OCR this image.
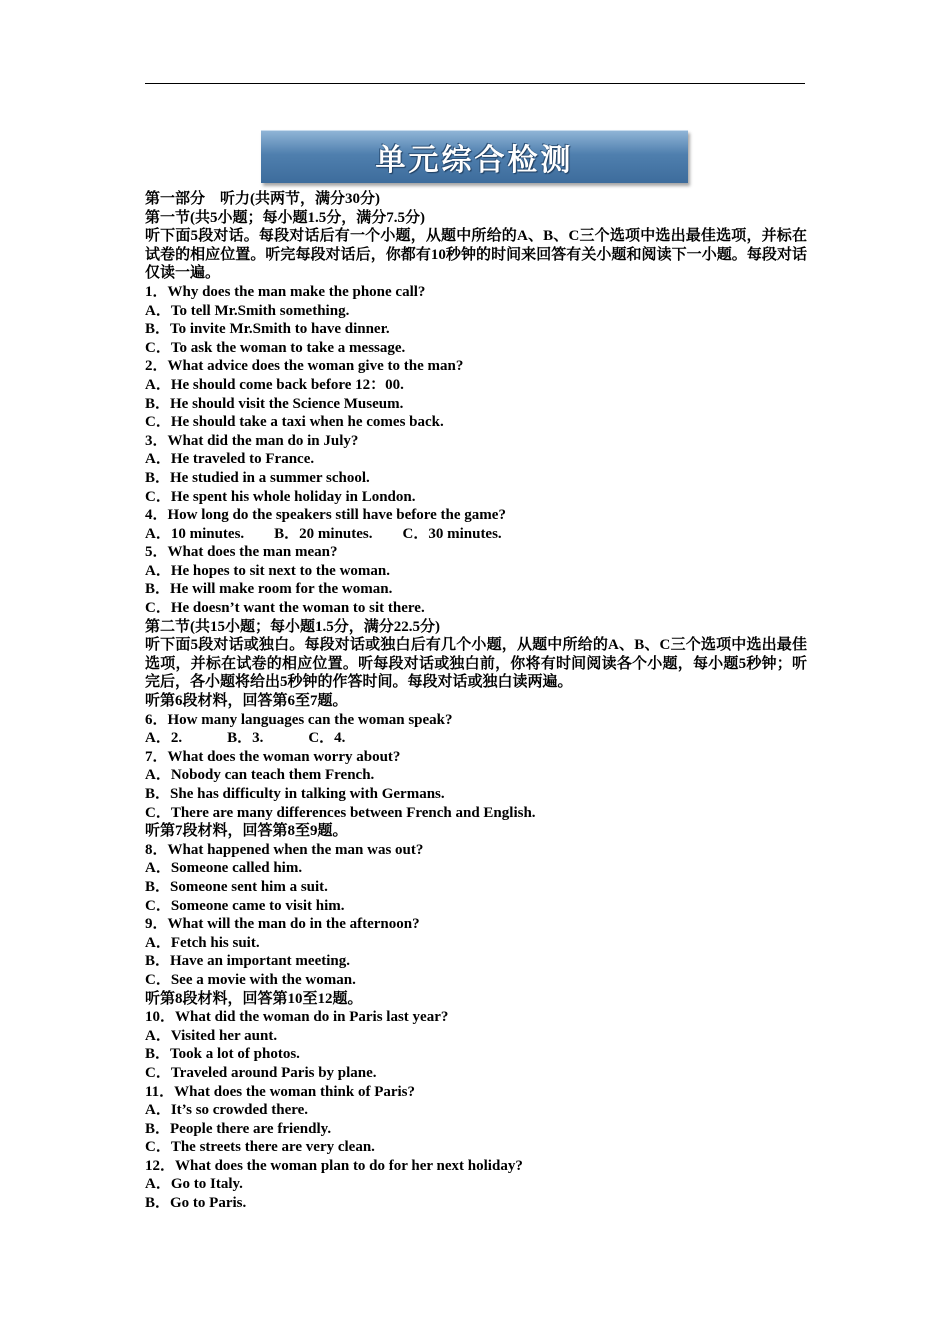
单元综合检测
第一部分　听力(共两节，满分30分)
第一节(共5小题；每小题1.5分，满分7.5分)
听下面5段对话。每段对话后有一个小题，从题中所给的A、B、C三个选项中选出最佳选项，并标在试卷的相应位置。听完每段对话后，你都有10秒钟的时间来回答有关小题和阅读下一小题。每段对话仅读一遍。
1．Why does the man make the phone call?
A．To tell Mr.Smith something.
B．To invite Mr.Smith to have dinner.
C．To ask the woman to take a message.
2．What advice does the woman give to the man?
A．He should come back before 12：00.
B．He should visit the Science Museum.
C．He should take a taxi when he comes back.
3．What did the man do in July?
A．He traveled to France.
B．He studied in a summer school.
C．He spent his whole holiday in London.
4．How long do the speakers still have before the game?
A．10 minutes.        B．20 minutes.        C．30 minutes.
5．What does the man mean?
A．He hopes to sit next to the woman.
B．He will make room for the woman.
C．He doesn’t want the woman to sit there.
第二节(共15小题；每小题1.5分，满分22.5分)
听下面5段对话或独白。每段对话或独白后有几个小题，从题中所给的A、B、C三个选项中选出最佳选项，并标在试卷的相应位置。听每段对话或独白前，你将有时间阅读各个小题，每小题5秒钟；听完后，各小题将给出5秒钟的作答时间。每段对话或独白读两遍。
听第6段材料，回答第6至7题。
6．How many languages can the woman speak?
A．2.            B．3.            C．4.
7．What does the woman worry about?
A．Nobody can teach them French.
B．She has difficulty in talking with Germans.
C．There are many differences between French and English.
听第7段材料，回答第8至9题。
8．What happened when the man was out?
A．Someone called him.
B．Someone sent him a suit.
C．Someone came to visit him.
9．What will the man do in the afternoon?
A．Fetch his suit.
B．Have an important meeting.
C．See a movie with the woman.
听第8段材料，回答第10至12题。
10．What did the woman do in Paris last year?
A．Visited her aunt.
B．Took a lot of photos.
C．Traveled around Paris by plane.
11．What does the woman think of Paris?
A．It’s so crowded there.
B．People there are friendly.
C．The streets there are very clean.
12．What does the woman plan to do for her next holiday?
A．Go to Italy.
B．Go to Paris.
